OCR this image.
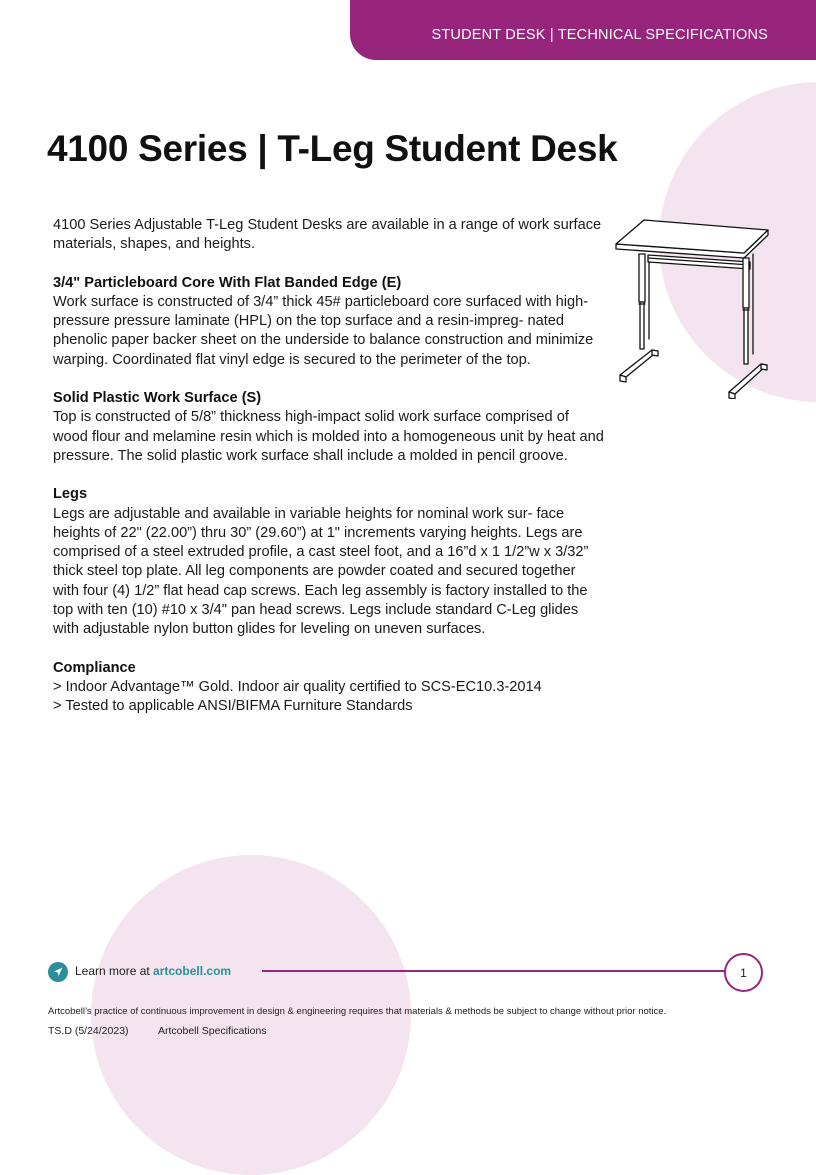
STUDENT DESK | TECHNICAL SPECIFICATIONS
4100 Series | T-Leg Student Desk

4100 Series Adjustable T-Leg Student Desks are available in a range of work surface materials, shapes, and heights.

3/4" Particleboard Core With Flat Banded Edge (E)

Work surface is constructed of 3/4” thick 45# particleboard core surfaced with high-pressure pressure laminate (HPL) on the top surface and a resin-impreg- nated phenolic paper backer sheet on the underside to balance construction and minimize warping. Coordinated flat vinyl edge is secured to the perimeter of the top.

Solid Plastic Work Surface (S)

Top is constructed of 5/8” thickness high-impact solid work surface comprised of wood flour and melamine resin which is molded into a homogeneous unit by heat and pressure. The solid plastic work surface shall include a molded in pencil groove.

Legs

Legs are adjustable and available in variable heights for nominal work sur- face heights of 22" (22.00”) thru 30” (29.60”) at 1" increments varying heights. Legs are comprised of a steel extruded profile, a cast steel foot, and a 16”d x 1 1/2”w x 3/32” thick steel top plate. All leg components are powder coated and secured together with four (4) 1/2” flat head cap screws. Each leg assembly is factory installed to the top with ten (10) #10 x 3/4" pan head screws. Legs include standard C-Leg glides with adjustable nylon button glides for leveling on uneven surfaces.

Compliance

> Indoor Advantage™ Gold. Indoor air quality certified to SCS-EC10.3-2014

> Tested to applicable ANSI/BIFMA Furniture Standards

Learn more at artcobell.com	1
Artcobell’s practice of continuous improvement in design & engineering requires that materials & methods be subject to change without prior notice.
TS.D (5/24/2023)	Artcobell Specifications
